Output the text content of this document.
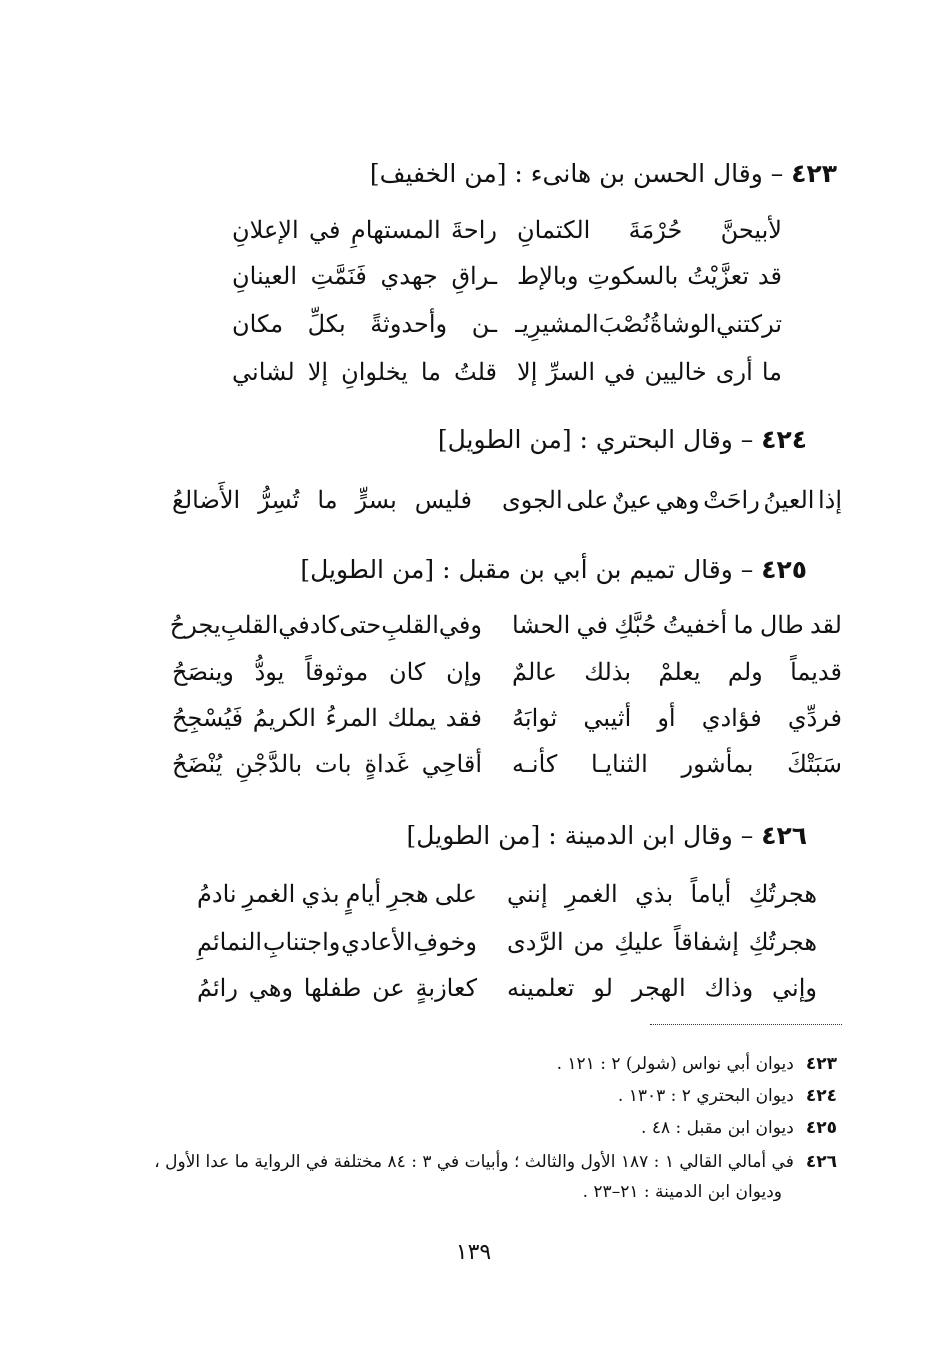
٤٢٣ – وقال الحسن بن هانىء : [من الخفيف]
لأبيحنَّ
حُرْمَةَ
الكتمانِ
راحةَ
المستهامِ
في
الإعلانِ
قد
تعزَّيْتُ
بالسكوتِ
وبالإط
ـراقِ
جهدي
فَنَمَّتِ
العينانِ
تركتني
الوشاةُ
نُصْبَ
المشيرِيـ
ـن
وأحدوثةً
بكلِّ
مكان
ما
أرى
خاليين
في
السرِّ
إلا
قلتُ
ما
يخلوانِ
إلا
لشاني
٤٢٤ – وقال البحتري : [من الطويل]
إذا
العينُ
راحَتْ
وهي
عينٌ
على
الجوى
فليس
بسرٍّ
ما
تُسِرُّ
الأَضالعُ
٤٢٥ – وقال تميم بن أبي بن مقبل : [من الطويل]
لقد
طال
ما
أخفيتُ
حُبَّكِ
في
الحشا
وفي
القلبِ
حتى
كاد
في
القلبِ
يجرحُ
قديماً
ولم
يعلمْ
بذلك
عالمٌ
وإن
كان
موثوقاً
يودُّ
وينصَحُ
فردِّي
فؤادي
أو
أثيبي
ثوابَهُ
فقد
يملك
المرءُ
الكريمُ
فَيُسْجِحُ
سَبَتْكَ
بمأشور
الثنايـا
كأنـه
أقاحِي
غَداةٍ
بات
بالدَّجْنِ
يُنْضَحُ
٤٢٦ – وقال ابن الدمينة : [من الطويل]
هجرتُكِ
أياماً
بذي
الغمرِ
إنني
على
هجرِ
أيامٍ
بذي
الغمرِ
نادمُ
هجرتُكِ
إشفاقاً
عليكِ
من
الرَّدى
وخوفِ
الأعادي
واجتنابِ
النمائمِ
وإني
وذاك
الهجر
لو
تعلمينه
كعازبةٍ
عن
طفلها
وهي
رائمُ
٤٢٣ديوان أبي نواس (شولر) ٢ : ١٢١ .
٤٢٤ديوان البحتري ٢ : ١٣٠٣ .
٤٢٥ديوان ابن مقبل : ٤٨ .
٤٢٦في أمالي القالي ١ : ١٨٧ الأول والثالث ؛ وأبيات في ٣ : ٨٤ مختلفة في الرواية ما عدا الأول ،
وديوان ابن الدمينة : ٢١–٢٣ .
١٣٩
